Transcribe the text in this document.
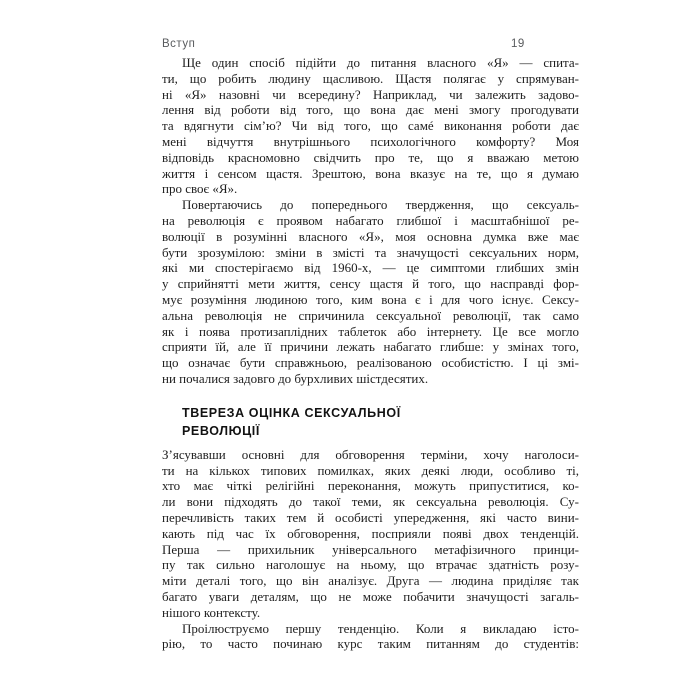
Вступ	19
Ще один спосіб підійти до питання власного «Я» — спита-
ти, що робить людину щасливою. Щастя полягає у спрямуван-
ні «Я» назовні чи всередину? Наприклад, чи залежить задово-
лення від роботи від того, що вона дає мені змогу прогодувати
та вдягнути сім’ю? Чи від того, що самé виконання роботи дає
мені відчуття внутрішнього психологічного комфорту? Моя
відповідь красномовно свідчить про те, що я вважаю метою
життя і сенсом щастя. Зрештою, вона вказує на те, що я думаю
про своє «Я».
Повертаючись до попереднього твердження, що сексуаль-
на революція є проявом набагато глибшої і масштабнішої ре-
волюції в розумінні власного «Я», моя основна думка вже має
бути зрозумілою: зміни в змісті та значущості сексуальних норм,
які ми спостерігаємо від 1960-х, — це симптоми глибших змін
у сприйнятті мети життя, сенсу щастя й того, що насправді фор-
мує розуміння людиною того, ким вона є і для чого існує. Сексу-
альна революція не спричинила сексуальної революції, так само
як і поява протизаплідних таблеток або інтернету. Це все могло
сприяти їй, але її причини лежать набагато глибше: у змінах того,
що означає бути справжньою, реалізованою особистістю. І ці змі-
ни почалися задовго до бурхливих шістдесятих.
ТВЕРЕЗА ОЦІНКА СЕКСУАЛЬНОЇ
РЕВОЛЮЦІЇ
З’ясувавши основні для обговорення терміни, хочу наголоси-
ти на кількох типових помилках, яких деякі люди, особливо ті,
хто має чіткі релігійні переконання, можуть припуститися, ко-
ли вони підходять до такої теми, як сексуальна революція. Су-
перечливість таких тем й особисті упередження, які часто вини-
кають під час їх обговорення, посприяли появі двох тенденцій.
Перша — прихильник універсального метафізичного принци-
пу так сильно наголошує на ньому, що втрачає здатність розу-
міти деталі того, що він аналізує. Друга — людина приділяє так
багато уваги деталям, що не може побачити значущості загаль-
нішого контексту.
Проілюструємо першу тенденцію. Коли я викладаю істо-
рію, то часто починаю курс таким питанням до студентів:
